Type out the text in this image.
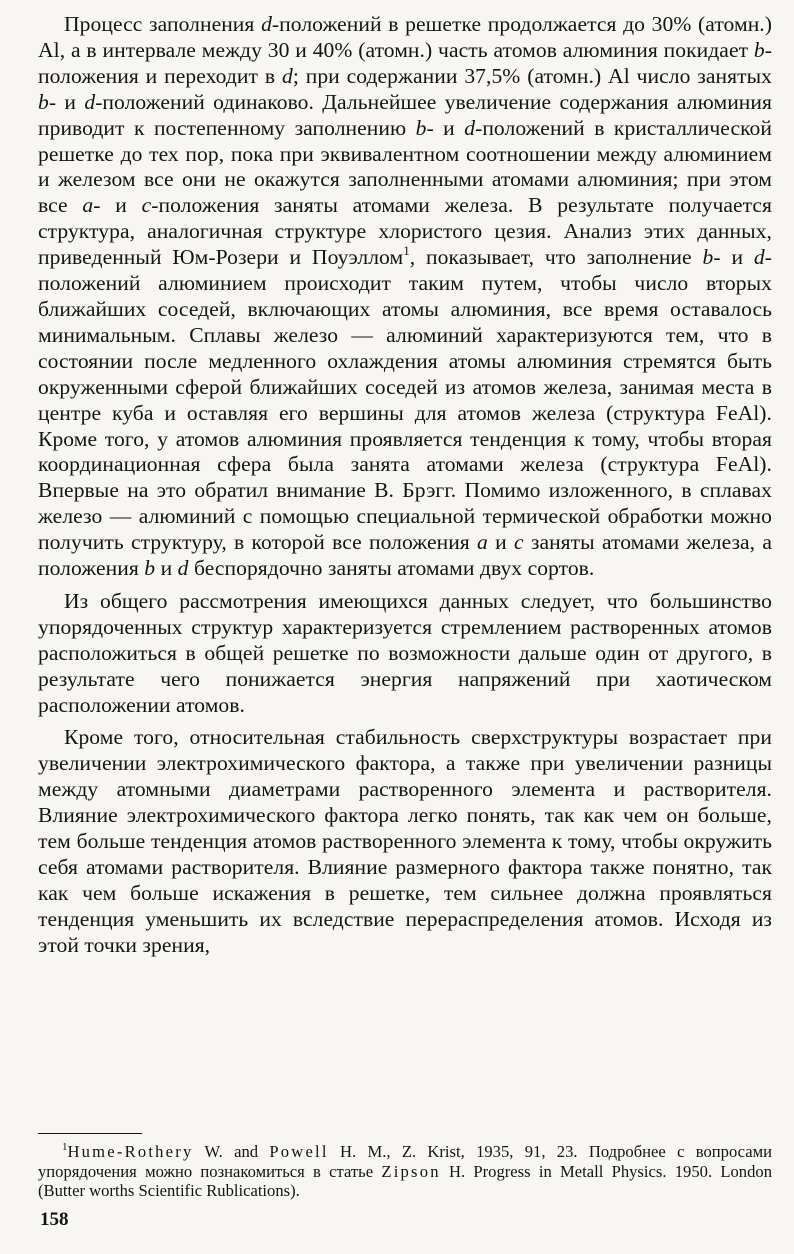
Процесс заполнения d-положений в решетке продолжается до 30% (атомн.) Al, а в интервале между 30 и 40% (атомн.) часть атомов алюминия покидает b-положения и переходит в d; при содержании 37,5% (атомн.) Al число занятых b- и d-положений одинаково. Дальнейшее увеличение содержания алюминия приводит к постепенному заполнению b- и d-положений в кристаллической решетке до тех пор, пока при эквивалентном соотношении между алюминием и железом все они не окажутся заполненными атомами алюминия; при этом все a- и c-положения заняты атомами железа. В результате получается структура, аналогичная структуре хлористого цезия. Анализ этих данных, приведенный Юм-Розери и Поуэллом$^1$, показывает, что заполнение b- и d-положений алюминием происходит таким путем, чтобы число вторых ближайших соседей, включающих атомы алюминия, все время оставалось минимальным. Сплавы железо — алюминий характеризуются тем, что в состоянии после медленного охлаждения атомы алюминия стремятся быть окруженными сферой ближайших соседей из атомов железа, занимая места в центре куба и оставляя его вершины для атомов железа (структура FeAl). Кроме того, у атомов алюминия проявляется тенденция к тому, чтобы вторая координационная сфера была занята атомами железа (структура FeAl). Впервые на это обратил внимание В. Брэгг. Помимо изложенного, в сплавах железо — алюминий с помощью специальной термической обработки можно получить структуру, в которой все положения a и c заняты атомами железа, а положения b и d беспорядочно заняты атомами двух сортов.

Из общего рассмотрения имеющихся данных следует, что большинство упорядоченных структур характеризуется стремлением растворенных атомов расположиться в общей решетке по возможности дальше один от другого, в результате чего понижается энергия напряжений при хаотическом расположении атомов.

Кроме того, относительная стабильность сверхструктуры возрастает при увеличении электрохимического фактора, а также при увеличении разницы между атомными диаметрами растворенного элемента и растворителя. Влияние электрохимического фактора легко понять, так как чем он больше, тем больше тенденция атомов растворенного элемента к тому, чтобы окружить себя атомами растворителя. Влияние размерного фактора также понятно, так как чем больше искажения в решетке, тем сильнее должна проявляться тенденция уменьшить их вследствие перераспределения атомов. Исходя из этой точки зрения,

$^1$Hume-Rothery W. and Powell H. M., Z. Krist, 1935, 91, 23. Подробнее с вопросами упорядочения можно познакомиться в статье Zipson H. Progress in Metall Physics. 1950. London (Butter worths Scientific Rublications).

158
